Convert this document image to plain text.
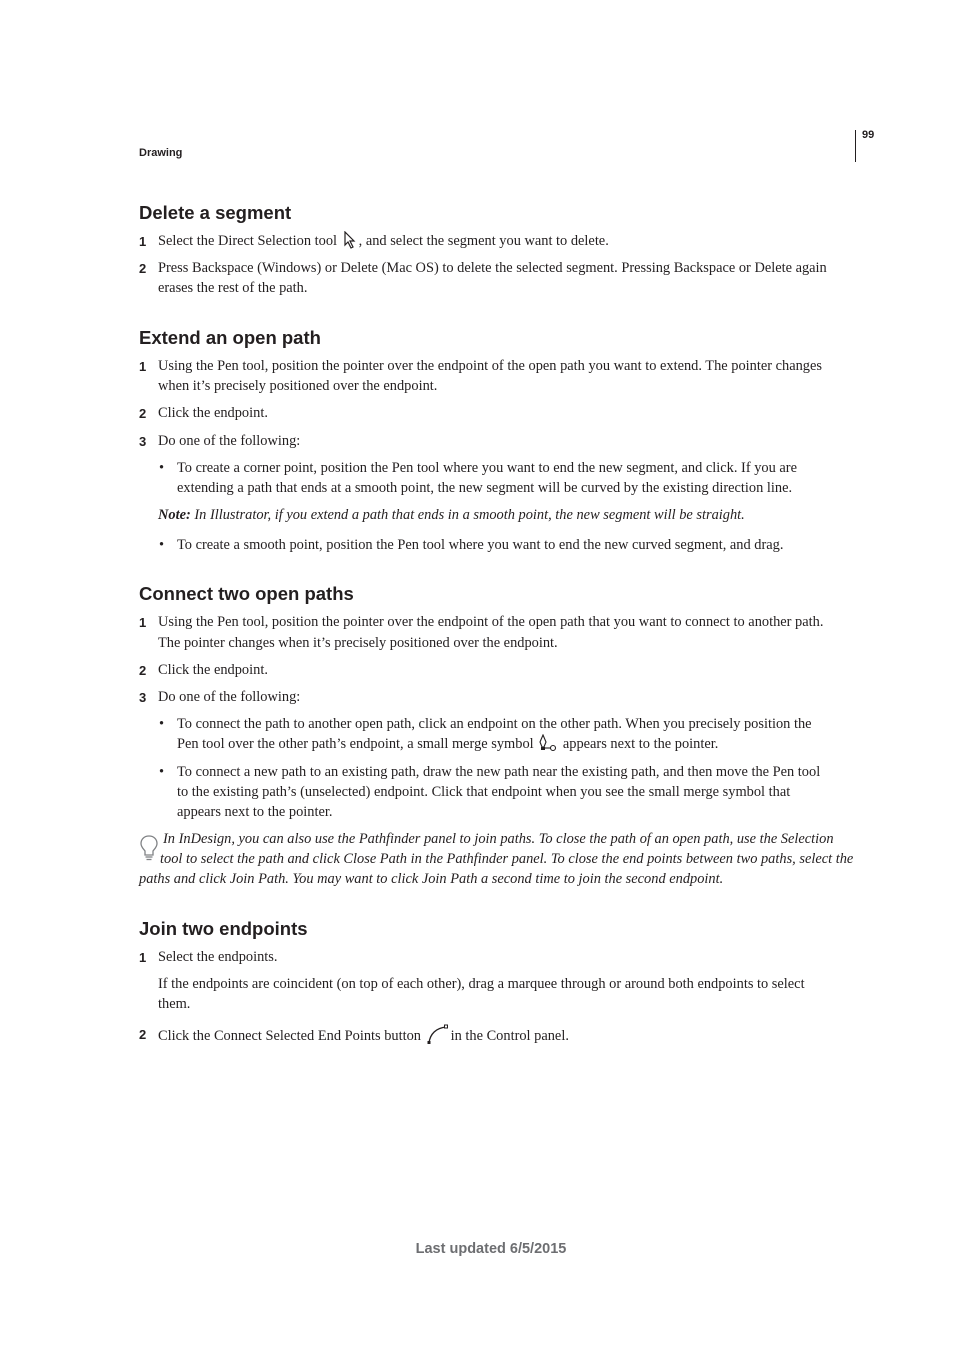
Drawing
99
Delete a segment
1 Select the Direct Selection tool , and select the segment you want to delete.
2 Press Backspace (Windows) or Delete (Mac OS) to delete the selected segment. Pressing Backspace or Delete again
erases the rest of the path.
Extend an open path
1 Using the Pen tool, position the pointer over the endpoint of the open path you want to extend. The pointer changes
when it’s precisely positioned over the endpoint.
2 Click the endpoint.
3 Do one of the following:
• To create a corner point, position the Pen tool where you want to end the new segment, and click. If you are
extending a path that ends at a smooth point, the new segment will be curved by the existing direction line.
Note: In Illustrator, if you extend a path that ends in a smooth point, the new segment will be straight.
• To create a smooth point, position the Pen tool where you want to end the new curved segment, and drag.
Connect two open paths
1 Using the Pen tool, position the pointer over the endpoint of the open path that you want to connect to another path.
The pointer changes when it’s precisely positioned over the endpoint.
2 Click the endpoint.
3 Do one of the following:
• To connect the path to another open path, click an endpoint on the other path. When you precisely position the
Pen tool over the other path’s endpoint, a small merge symbol appears next to the pointer.
• To connect a new path to an existing path, draw the new path near the existing path, and then move the Pen tool
to the existing path’s (unselected) endpoint. Click that endpoint when you see the small merge symbol that
appears next to the pointer.
In InDesign, you can also use the Pathfinder panel to join paths. To close the path of an open path, use the Selection
tool to select the path and click Close Path in the Pathfinder panel. To close the end points between two paths, select the
paths and click Join Path. You may want to click Join Path a second time to join the second endpoint.
Join two endpoints
1 Select the endpoints.
If the endpoints are coincident (on top of each other), drag a marquee through or around both endpoints to select
them.
2 Click the Connect Selected End Points button in the Control panel.
Last updated 6/5/2015
